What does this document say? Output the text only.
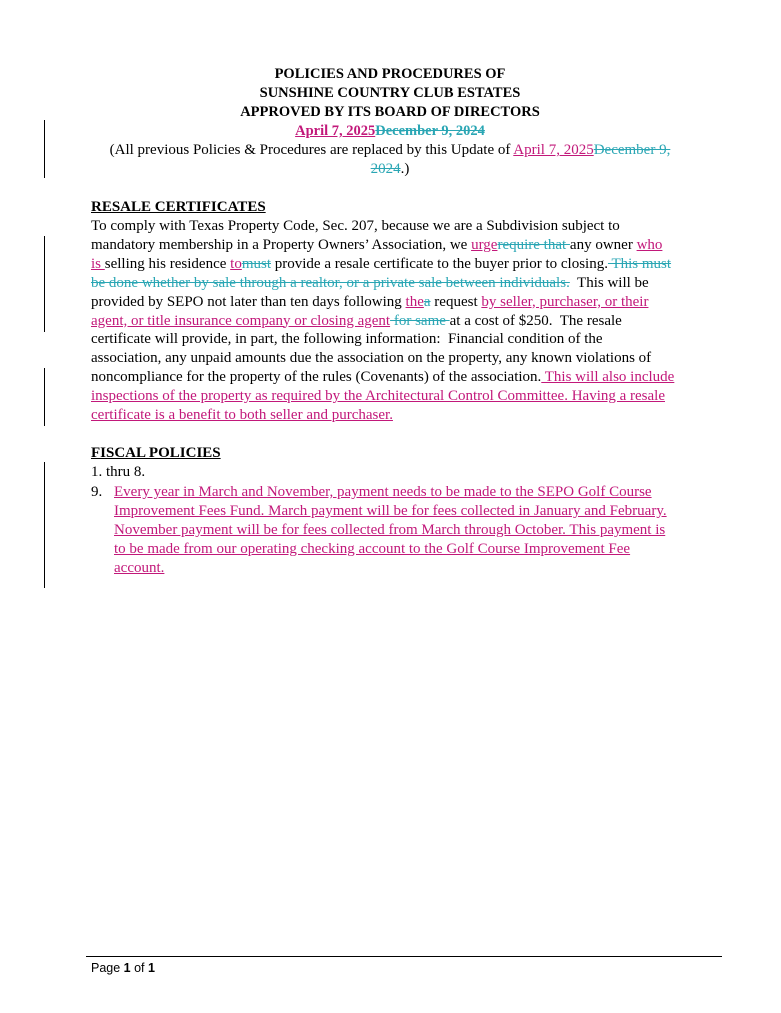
POLICIES AND PROCEDURES OF
SUNSHINE COUNTRY CLUB ESTATES
APPROVED BY ITS BOARD OF DIRECTORS
April 7, 2025December 9, 2024
(All previous Policies & Procedures are replaced by this Update of April 7, 2025December 9,
2024.)
RESALE CERTIFICATES
To comply with Texas Property Code, Sec. 207, because we are a Subdivision subject to
mandatory membership in a Property Owners’ Association, we urgerequire that any owner who
is selling his residence tomust provide a resale certificate to the buyer prior to closing. This must
be done whether by sale through a realtor, or a private sale between individuals.  This will be
provided by SEPO not later than ten days following thea request by seller, purchaser, or their
agent, or title insurance company or closing agent for same at a cost of $250.  The resale
certificate will provide, in part, the following information:  Financial condition of the
association, any unpaid amounts due the association on the property, any known violations of
noncompliance for the property of the rules (Covenants) of the association. This will also include
inspections of the property as required by the Architectural Control Committee. Having a resale
certificate is a benefit to both seller and purchaser.
FISCAL POLICIES
1. thru 8.
9. Every year in March and November, payment needs to be made to the SEPO Golf Course
Improvement Fees Fund. March payment will be for fees collected in January and February.
November payment will be for fees collected from March through October. This payment is
to be made from our operating checking account to the Golf Course Improvement Fee
account.
Page 1 of 1
